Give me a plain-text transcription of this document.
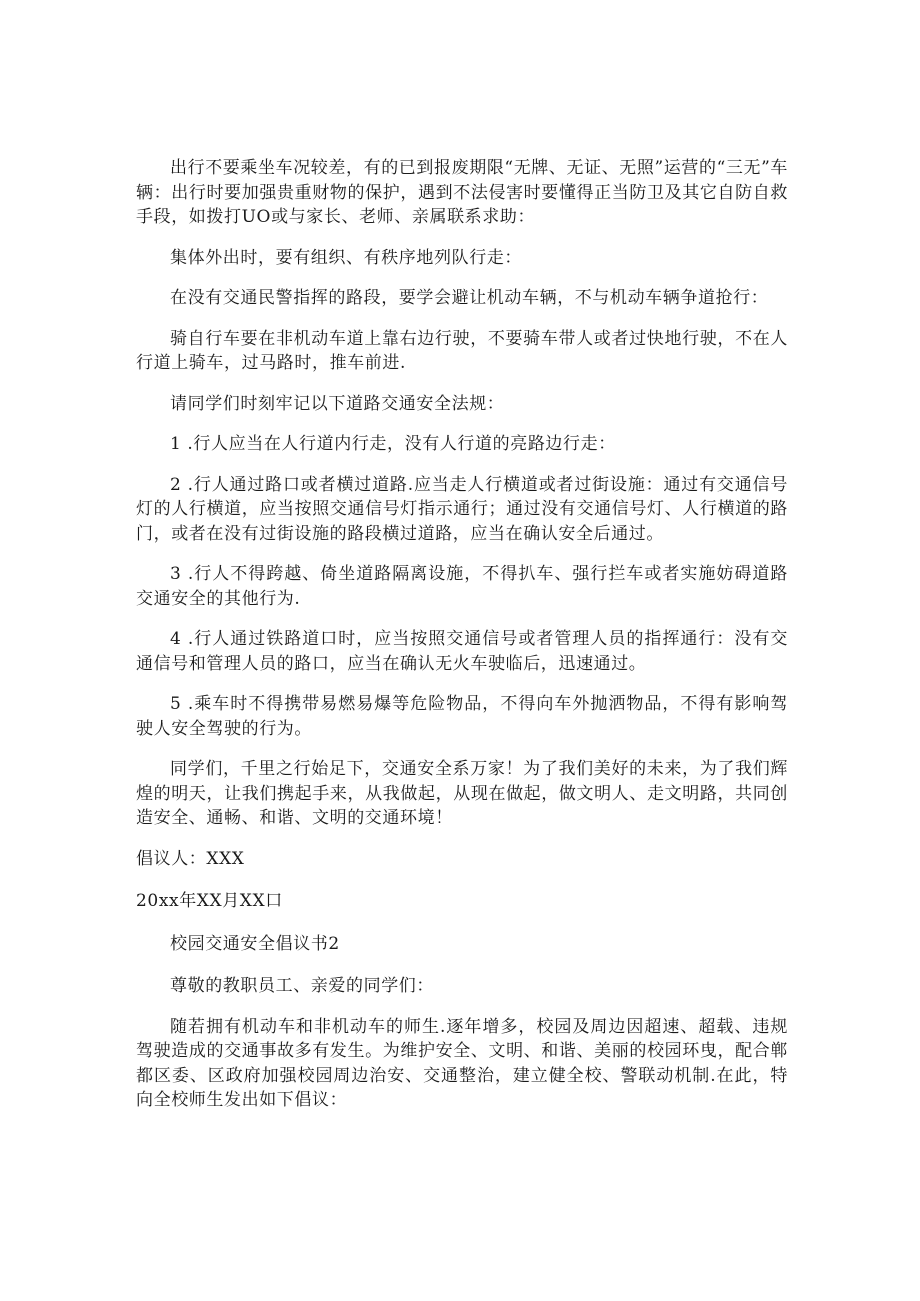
出行不要乘坐车况较差，有的已到报废期限“无牌、无证、无照”运营的“三无”车辆：出行时要加强贵重财物的保护，遇到不法侵害时要懂得正当防卫及其它自防自救手段，如拨打UO或与家长、老师、亲属联系求助：

集体外出时，要有组织、有秩序地列队行走：

在没有交通民警指挥的路段，要学会避让机动车辆，不与机动车辆争道抢行：

骑自行车要在非机动车道上靠右边行驶，不要骑车带人或者过快地行驶，不在人行道上骑车，过马路时，推车前进.

请同学们时刻牢记以下道路交通安全法规：

1 .行人应当在人行道内行走，没有人行道的亮路边行走：

2 .行人通过路口或者横过道路.应当走人行横道或者过街设施：通过有交通信号灯的人行横道，应当按照交通信号灯指示通行；通过没有交通信号灯、人行横道的路门，或者在没有过街设施的路段横过道路，应当在确认安全后通过。

3 .行人不得跨越、倚坐道路隔离设施，不得扒车、强行拦车或者实施妨碍道路交通安全的其他行为.

4 .行人通过铁路道口时，应当按照交通信号或者管理人员的指挥通行：没有交通信号和管理人员的路口，应当在确认无火车驶临后，迅速通过。

5 .乘车时不得携带易燃易爆等危险物品，不得向车外抛洒物品，不得有影响驾驶人安全驾驶的行为。

同学们，千里之行始足下，交通安全系万家！为了我们美好的未来，为了我们辉煌的明天，让我们携起手来，从我做起，从现在做起，做文明人、走文明路，共同创造安全、通畅、和谐、文明的交通环境！

倡议人：XXX

20xx年XX月XX口

校园交通安全倡议书2

尊敬的教职员工、亲爱的同学们：

随若拥有机动车和非机动车的师生.逐年增多，校园及周边因超速、超载、违规驾驶造成的交通事故多有发生。为维护安全、文明、和谐、美丽的校园环曳，配合郸都区委、区政府加强校园周边治安、交通整治，建立健全校、警联动机制.在此，特向全校师生发出如下倡议：
